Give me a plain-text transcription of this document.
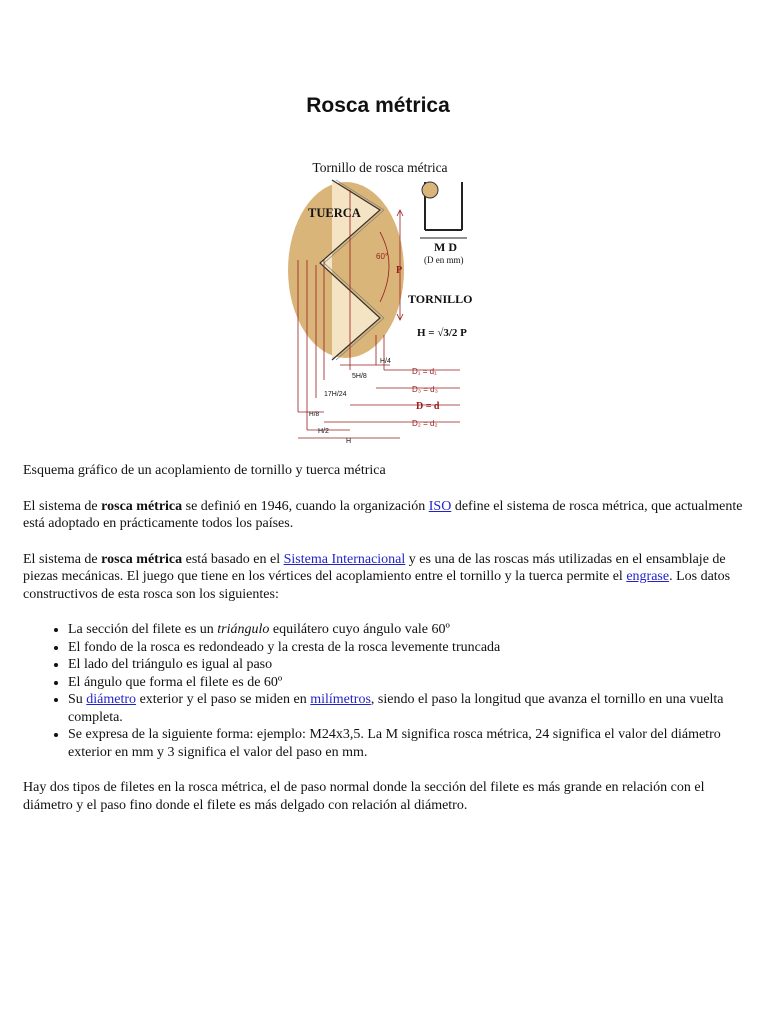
Rosca métrica
TUERCA
TORNILLO
60°
P
M D
(D en mm)
H = √3/2 P
H/4
5H/8
17H/24
H/8
H/2
H
D₁ = d₁
D₃ = d₃
D = d
D₂ = d₂
Tornillo de rosca métrica

Esquema gráfico de un acoplamiento de tornillo y tuerca métrica

El sistema de rosca métrica se definió en 1946, cuando la organización ISO define el sistema de rosca métrica, que actualmente está adoptado en prácticamente todos los países.

El sistema de rosca métrica está basado en el Sistema Internacional y es una de las roscas más utilizadas en el ensamblaje de piezas mecánicas. El juego que tiene en los vértices del acoplamiento entre el tornillo y la tuerca permite el engrase. Los datos constructivos de esta rosca son los siguientes:

• La sección del filete es un triángulo equilátero cuyo ángulo vale 60º
• El fondo de la rosca es redondeado y la cresta de la rosca levemente truncada
• El lado del triángulo es igual al paso
• El ángulo que forma el filete es de 60º
• Su diámetro exterior y el paso se miden en milímetros, siendo el paso la longitud que avanza el tornillo en una vuelta completa.
• Se expresa de la siguiente forma: ejemplo: M24x3,5. La M significa rosca métrica, 24 significa el valor del diámetro exterior en mm y 3 significa el valor del paso en mm.

Hay dos tipos de filetes en la rosca métrica, el de paso normal donde la sección del filete es más grande en relación con el diámetro y el paso fino donde el filete es más delgado con relación al diámetro.
